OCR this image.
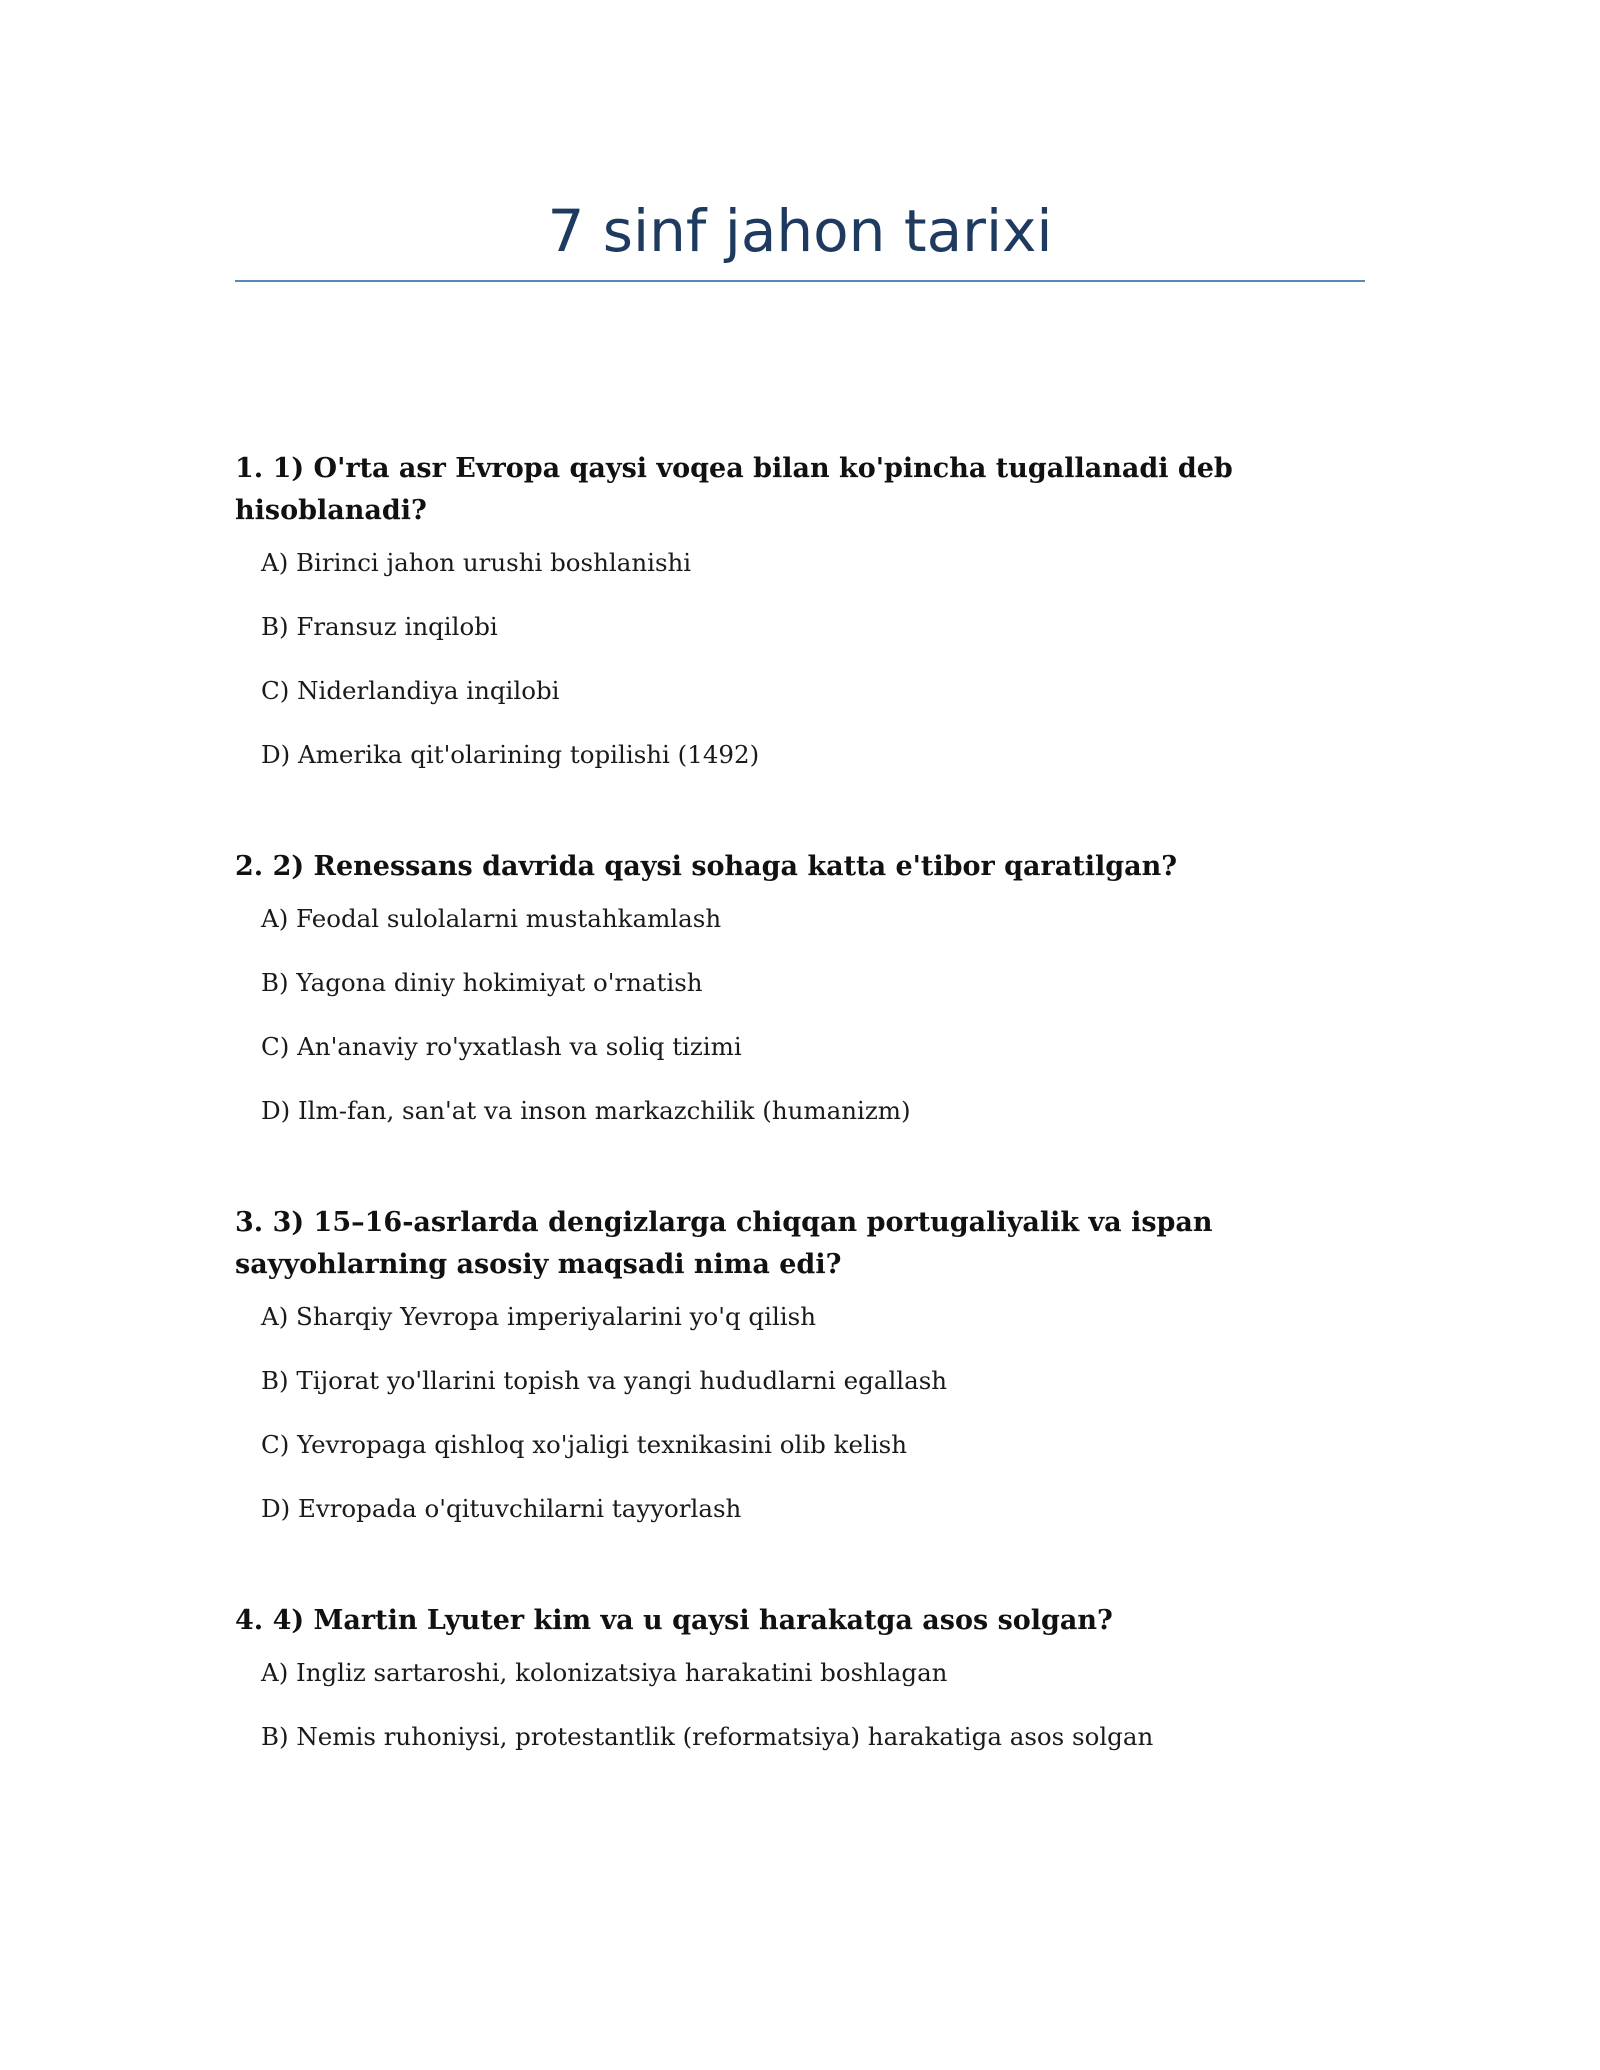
7 sinf jahon tarixi

1. 1) O'rta asr Evropa qaysi voqea bilan ko'pincha tugallanadi deb hisoblanadi?

A) Birinci jahon urushi boshlanishi
B) Fransuz inqilobi
C) Niderlandiya inqilobi
D) Amerika qit'olarining topilishi (1492)

2. 2) Renessans davrida qaysi sohaga katta e'tibor qaratilgan?

A) Feodal sulolalarni mustahkamlash
B) Yagona diniy hokimiyat o'rnatish
C) An'anaviy ro'yxatlash va soliq tizimi
D) Ilm-fan, san'at va inson markazchilik (humanizm)

3. 3) 15–16-asrlarda dengizlarga chiqqan portugaliyalik va ispan sayyohlarning asosiy maqsadi nima edi?

A) Sharqiy Yevropa imperiyalarini yo'q qilish
B) Tijorat yo'llarini topish va yangi hududlarni egallash
C) Yevropaga qishloq xo'jaligi texnikasini olib kelish
D) Evropada o'qituvchilarni tayyorlash

4. 4) Martin Lyuter kim va u qaysi harakatga asos solgan?

A) Ingliz sartaroshi, kolonizatsiya harakatini boshlagan
B) Nemis ruhoniysi, protestantlik (reformatsiya) harakatiga asos solgan
